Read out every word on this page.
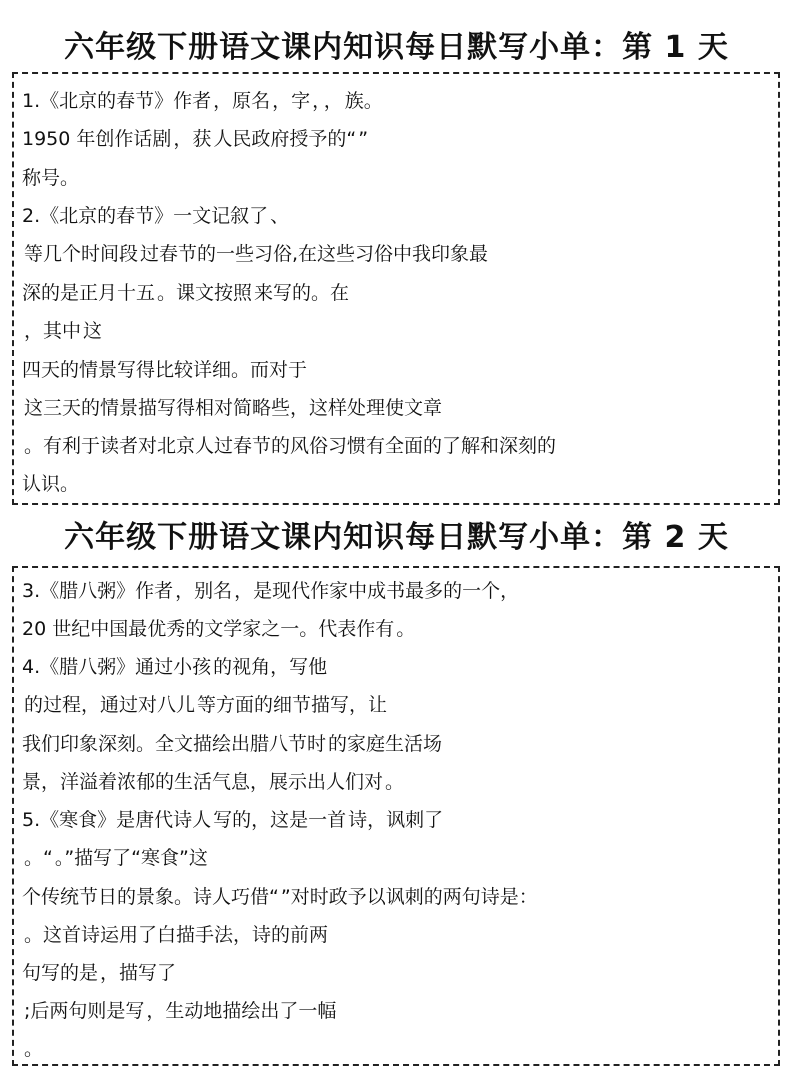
六年级下册语文课内知识每日默写小单：第 1 天
1.《北京的春节》作者 ，原名 ，字 ， ， 族。
1950 年创作话剧 ，获 人民政府授予的“ ”
称号。
2.《北京的春节》一文记叙了 、
等几个时间段 过春节的一些习俗,在这些习俗中我印象最
深的是正月十五 。课文按照 来写的。在
，其中 这
四天的情景写得比较详细。而对于
这三天的情景描写得相对简略些，这样处理使文章
。有利于读者对北京人过春节的风俗习惯有全面的了解和深刻的
认识。
六年级下册语文课内知识每日默写小单：第 2 天
3.《腊八粥》作者 ，别名 ，是现代作家中成书最多的一个，
20 世纪中国最优秀的文学家之一。代表作有 。
4.《腊八粥》通过小孩 的视角，写他
的过程，通过对八儿 等方面的细节描写，让
我们印象深刻。全文描绘出腊八节时 的家庭生活场
景，洋溢着浓郁的生活气息，展示出人们对 。
5.《寒食》是唐代诗人 写的，这是一首 诗，讽刺了
。“ 。”描写了“寒食”这
个传统节日的景象。诗人巧借“ ”对时政予以讽刺的两句诗是：
。这首诗运用了白描手法，诗的前两
句写的是 ，描写了
;后两句则是写 ，生动地描绘出了一幅
。
